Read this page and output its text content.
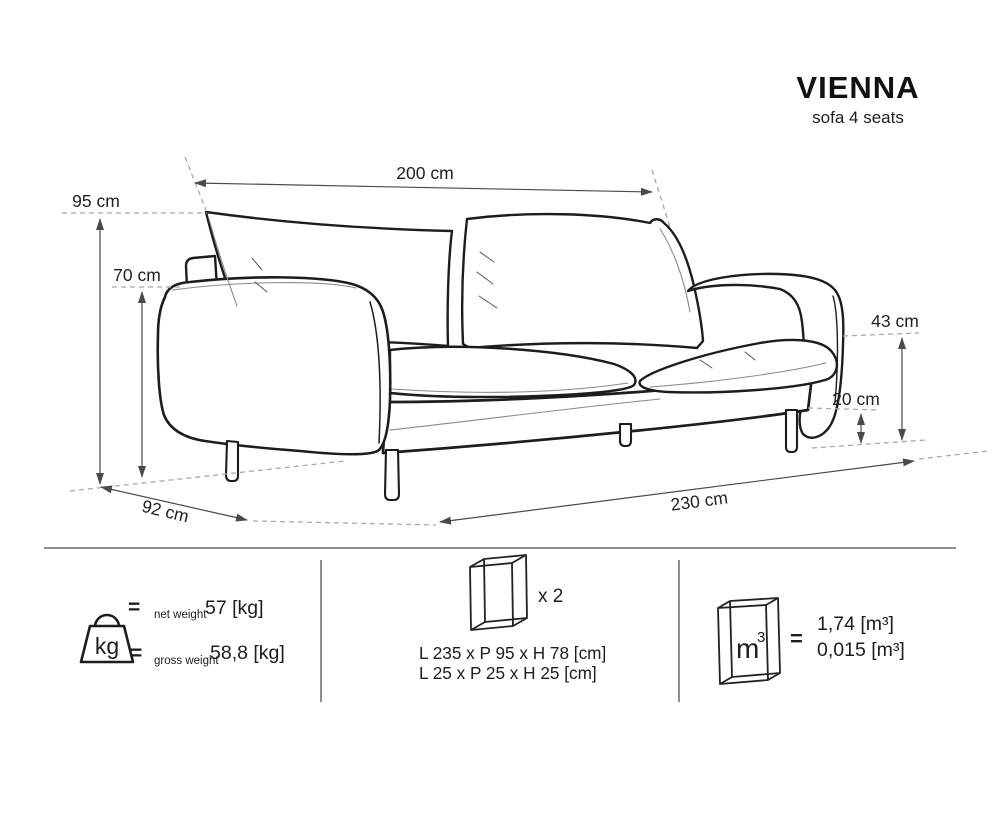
VIENNA
sofa 4 seats
200 cm
95 cm
70 cm
43 cm
20 cm
92 cm	230 cm
kg
= net weight
57 [kg]
= gross weight
58,8 [kg]
x 2
L 235 x P 95 x H 78 [cm]
L 25 x P 25 x H 25 [cm]
m
3 =
1,74 [m³]
0,015 [m³]
